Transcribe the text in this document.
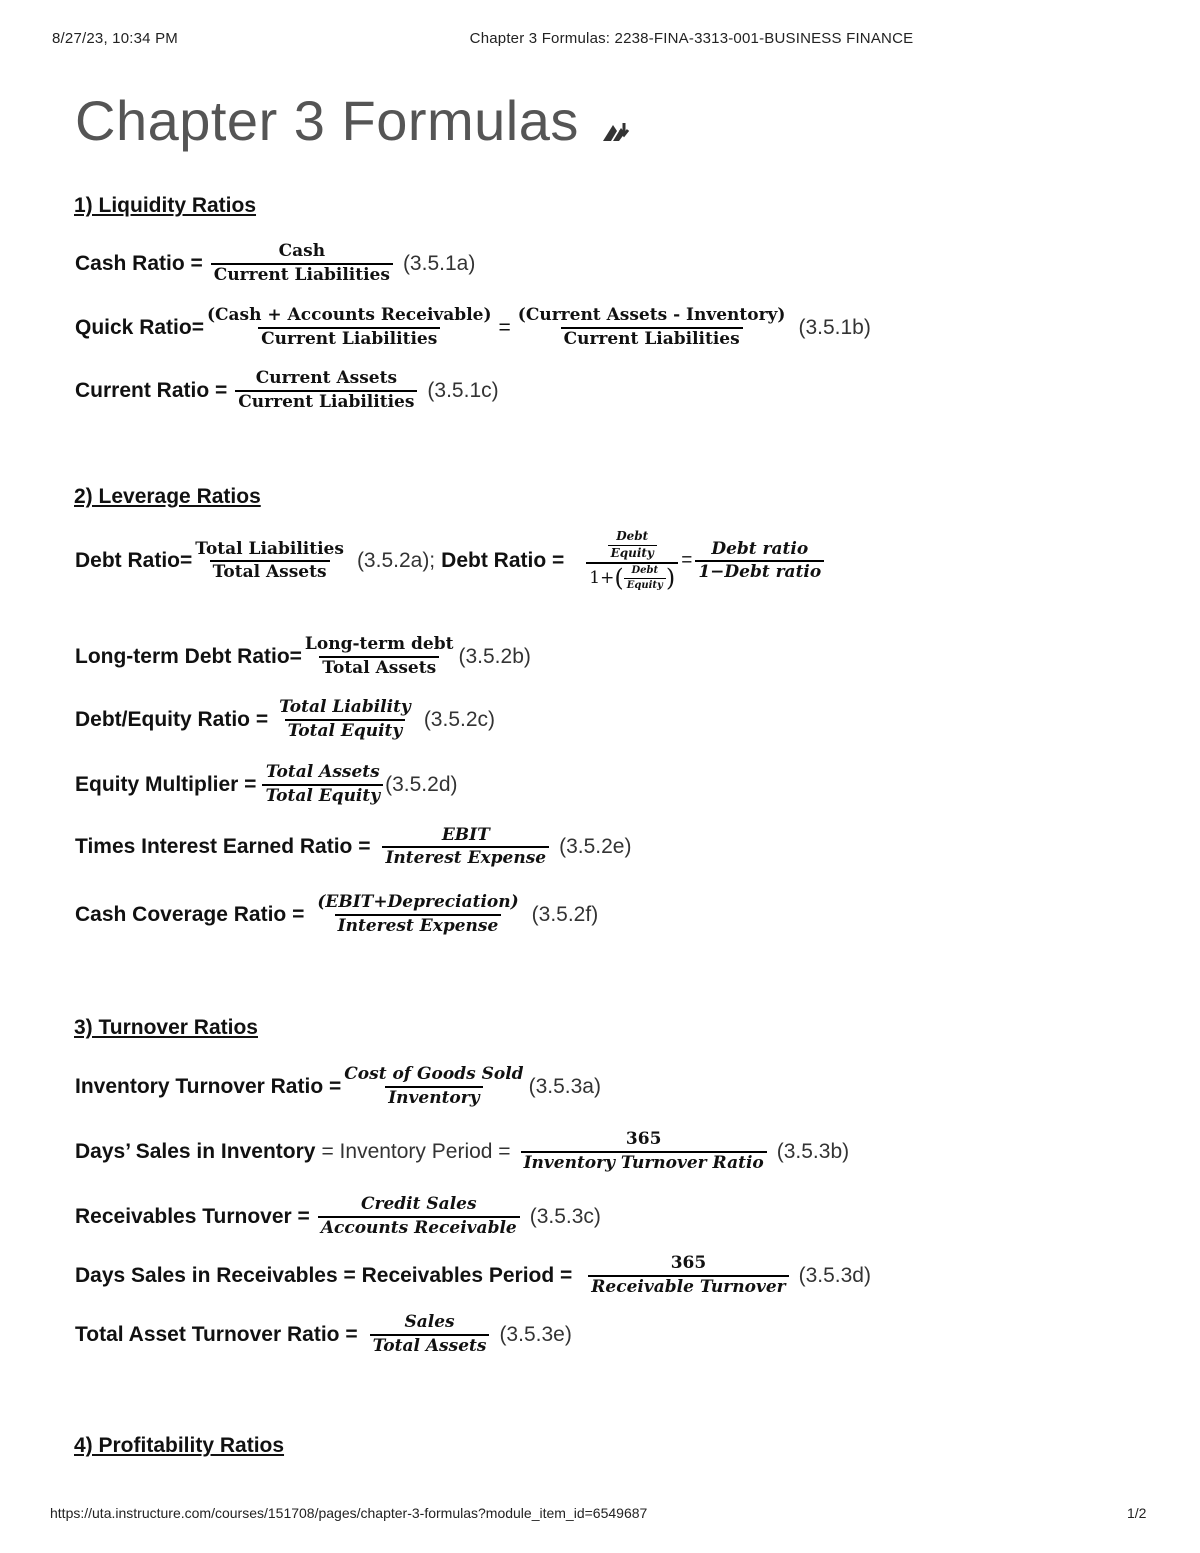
8/27/23, 10:34 PM	Chapter 3 Formulas: 2238-FINA-3313-001-BUSINESS FINANCE
Chapter 3 Formulas
1) Liquidity Ratios
Cash Ratio = $\frac{\text{Cash}}{\text{Current Liabilities}} (3.5.1a)$
Quick Ratio= $\frac{\text{(Cash + Accounts Receivable)}}{\text{Current Liabilities}} = \frac{\text{(Current Assets - Inventory)}}{\text{Current Liabilities}} (3.5.1b)$
Current Ratio = $\frac{\text{Current Assets}}{\text{Current Liabilities}} (3.5.1c)$
2) Leverage Ratios
Debt Ratio= $\frac{\text{Total Liabilities}}{\text{Total Assets}} (3.5.2a)$; Debt Ratio = $\frac{\frac{\text{Debt}}{\text{Equity}}}{1+ ( \frac{\text{Debt}}{\text{Equity}} )} = \frac{\text{Debt ratio}}{\text{1−Debt ratio}}$
Long-term Debt Ratio= $\frac{\text{Long-term debt}}{\text{Total Assets}} (3.5.2b)$
Debt/Equity Ratio = $\frac{\text{Total Liability}}{\text{Total Equity}} (3.5.2c)$
Equity Multiplier = $\frac{\text{Total Assets}}{\text{Total Equity}} (3.5.2d)$
Times Interest Earned Ratio = $\frac{\text{EBIT}}{\text{Interest Expense}} (3.5.2e)$
Cash Coverage Ratio = $\frac{\text{(EBIT+Depreciation)}}{\text{Interest Expense}} (3.5.2f)$
3) Turnover Ratios
Inventory Turnover Ratio = $\frac{\text{Cost of Goods Sold}}{\text{Inventory}} (3.5.3a)$
Days’ Sales in Inventory = Inventory Period = $\frac{365}{\text{Inventory Turnover Ratio}} (3.5.3b)$
Receivables Turnover = $\frac{\text{Credit Sales}}{\text{Accounts Receivable}} (3.5.3c)$
Days Sales in Receivables = Receivables Period = $\frac{365}{\text{Receivable Turnover}} (3.5.3d)$
Total Asset Turnover Ratio = $\frac{\text{Sales}}{\text{Total Assets}} (3.5.3e)$
4) Profitability Ratios
https://uta.instructure.com/courses/151708/pages/chapter-3-formulas?module_item_id=6549687	1/2
